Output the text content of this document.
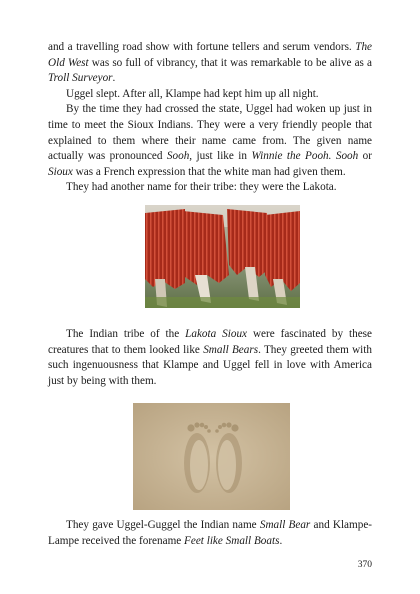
and a travelling road show with fortune tellers and serum vendors. The Old West was so full of vibrancy, that it was remarkable to be alive as a Troll Surveyor.

Uggel slept. After all, Klampe had kept him up all night.

By the time they had crossed the state, Uggel had woken up just in time to meet the Sioux Indians. They were a very friendly people that explained to them where their name came from. The given name actually was pronounced Sooh, just like in Winnie the Pooh. Sooh or Sioux was a French expression that the white man had given them.

They had another name for their tribe: they were the Lakota.

The Indian tribe of the Lakota Sioux were fascinated by these creatures that to them looked like Small Bears. They greeted them with such ingenuousness that Klampe and Uggel fell in love with America just by being with them.

They gave Uggel-Guggel the Indian name Small Bear and Klampe-Lampe received the forename Feet like Small Boats.

370
